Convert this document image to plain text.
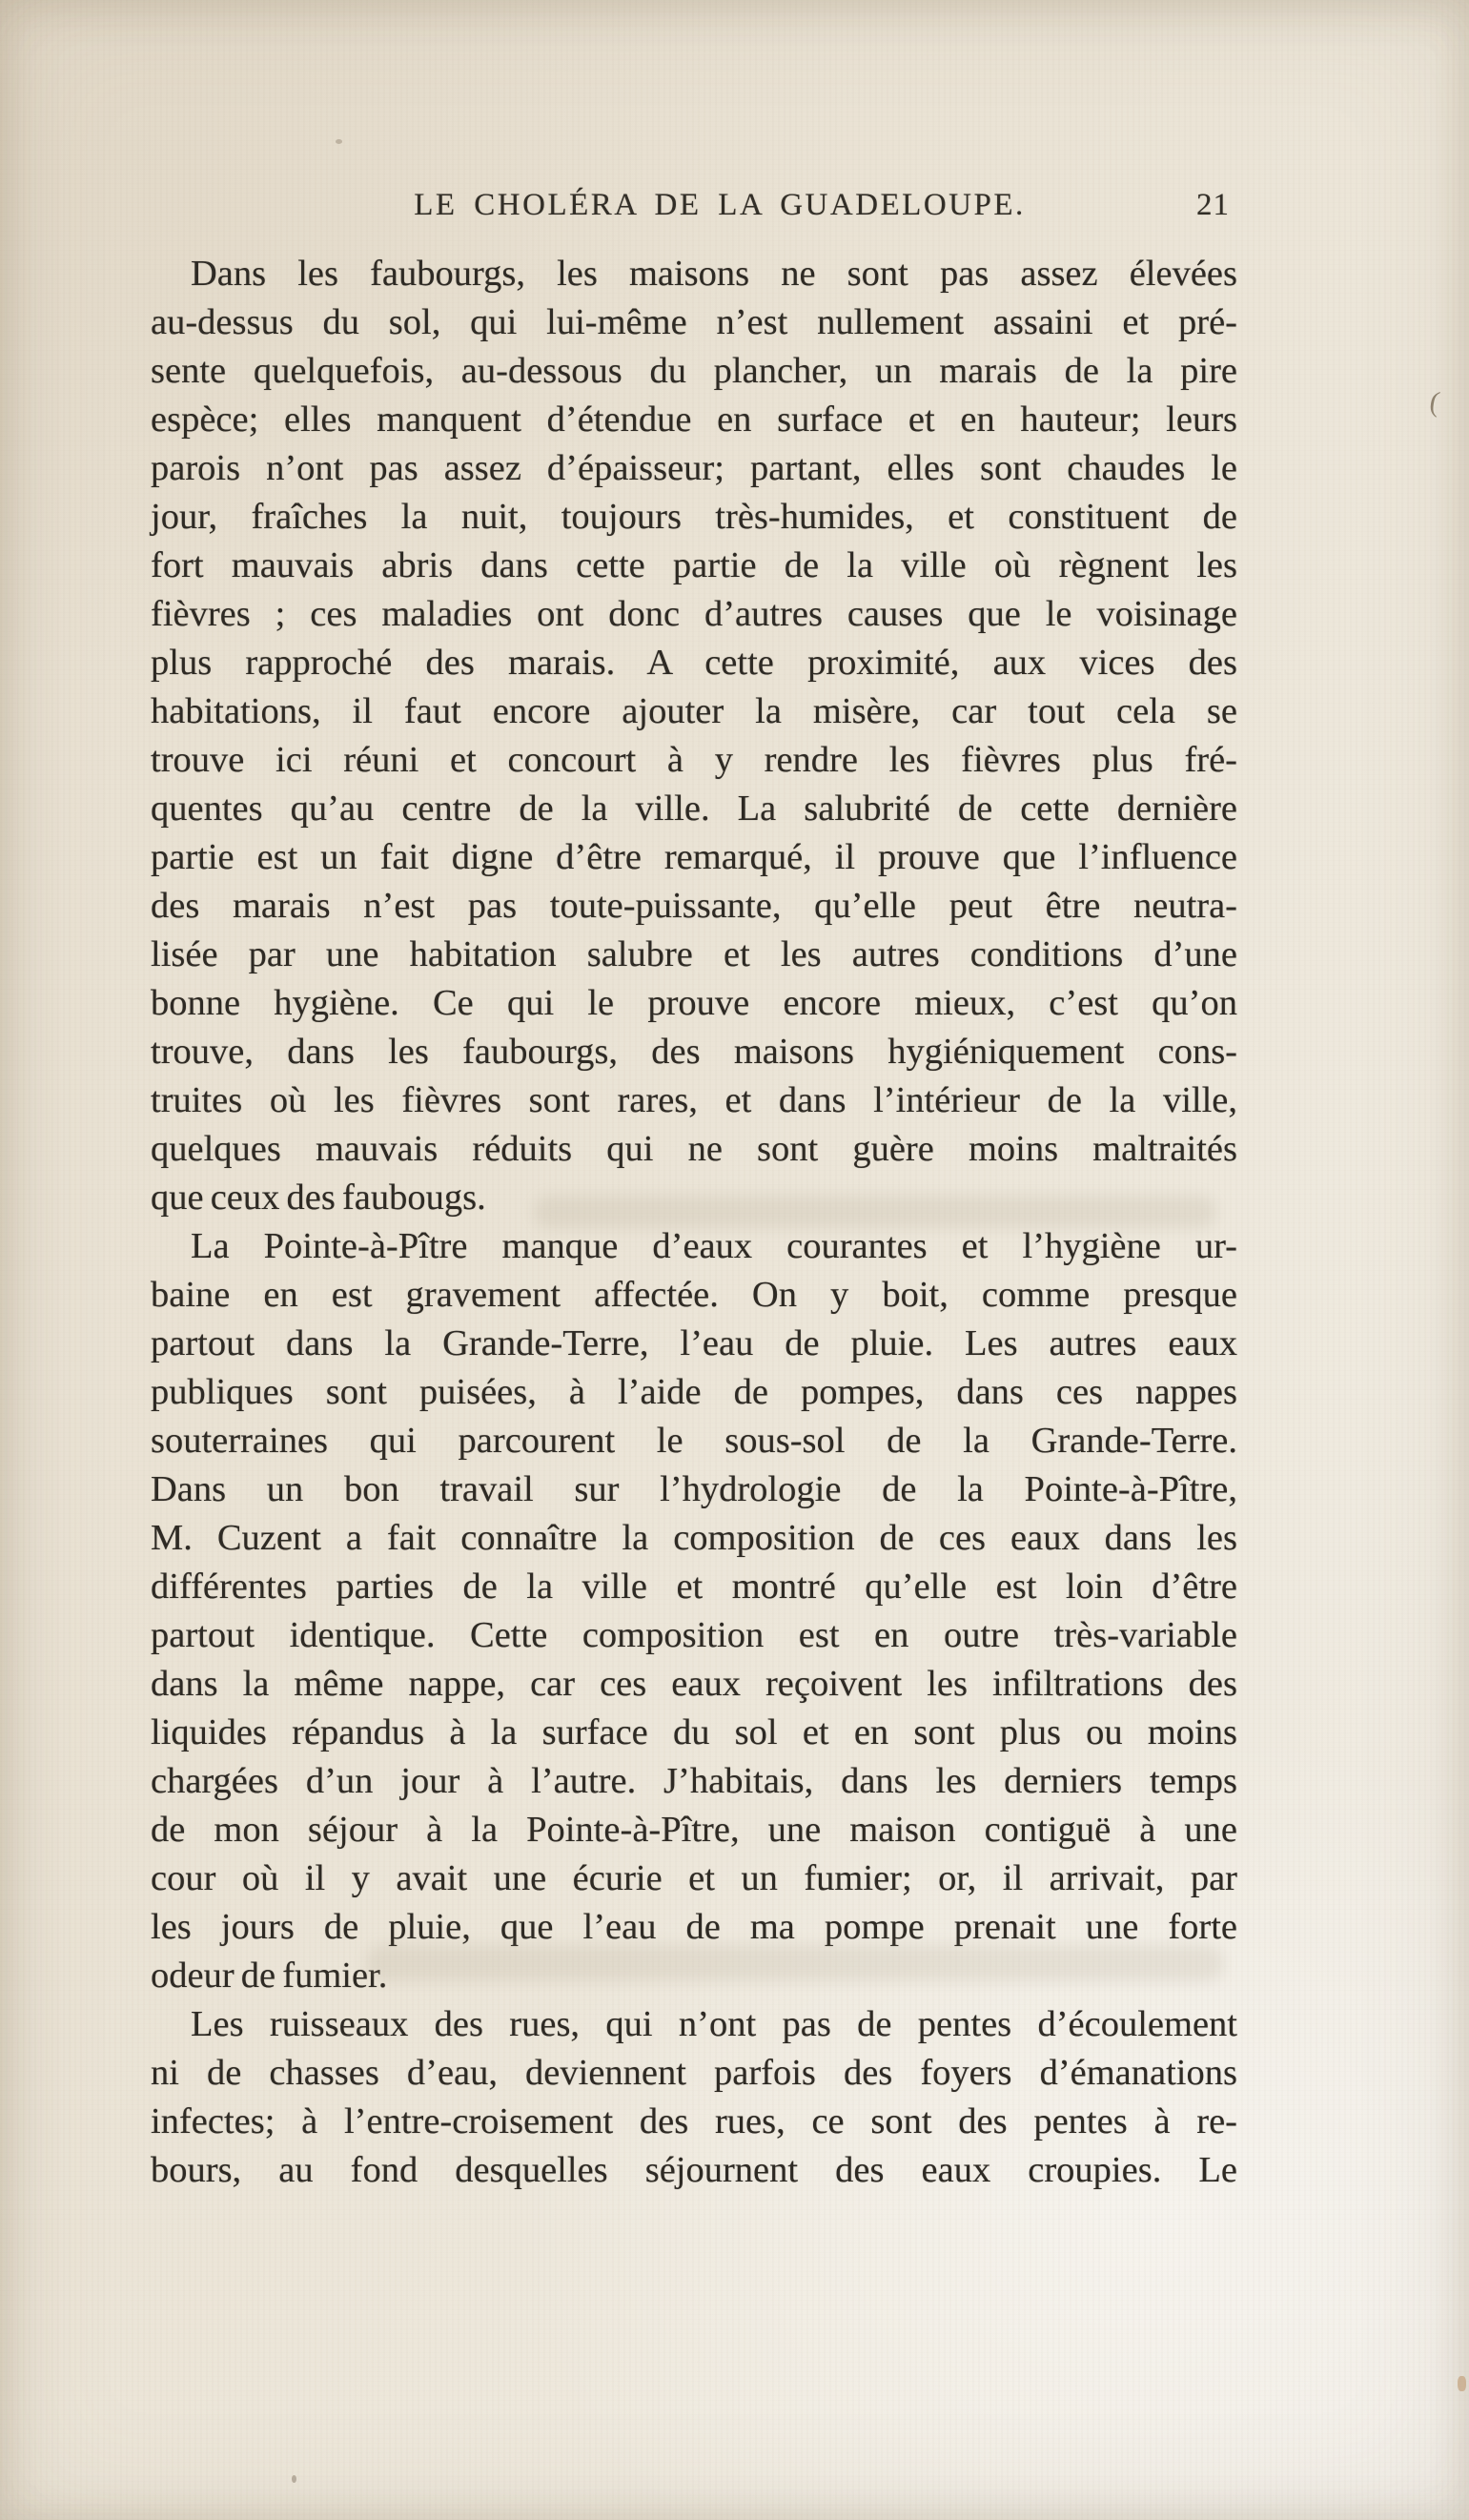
LE CHOLÉRA DE LA GUADELOUPE.	21
Dans les faubourgs, les maisons ne sont pas assez élevées
au-dessus du sol, qui lui-même n’est nullement assaini et pré-
sente quelquefois, au-dessous du plancher, un marais de la pire
espèce; elles manquent d’étendue en surface et en hauteur; leurs
parois n’ont pas assez d’épaisseur; partant, elles sont chaudes le
jour, fraîches la nuit, toujours très-humides, et constituent de
fort mauvais abris dans cette partie de la ville où règnent les
fièvres ; ces maladies ont donc d’autres causes que le voisinage
plus rapproché des marais. A cette proximité, aux vices des
habitations, il faut encore ajouter la misère, car tout cela se
trouve ici réuni et concourt à y rendre les fièvres plus fré-
quentes qu’au centre de la ville. La salubrité de cette dernière
partie est un fait digne d’être remarqué, il prouve que l’influence
des marais n’est pas toute-puissante, qu’elle peut être neutra-
lisée par une habitation salubre et les autres conditions d’une
bonne hygiène. Ce qui le prouve encore mieux, c’est qu’on
trouve, dans les faubourgs, des maisons hygiéniquement cons-
truites où les fièvres sont rares, et dans l’intérieur de la ville,
quelques mauvais réduits qui ne sont guère moins maltraités
que ceux des faubougs.
La Pointe-à-Pître manque d’eaux courantes et l’hygiène ur-
baine en est gravement affectée. On y boit, comme presque
partout dans la Grande-Terre, l’eau de pluie. Les autres eaux
publiques sont puisées, à l’aide de pompes, dans ces nappes
souterraines qui parcourent le sous-sol de la Grande-Terre.
Dans un bon travail sur l’hydrologie de la Pointe-à-Pître,
M. Cuzent a fait connaître la composition de ces eaux dans les
différentes parties de la ville et montré qu’elle est loin d’être
partout identique. Cette composition est en outre très-variable
dans la même nappe, car ces eaux reçoivent les infiltrations des
liquides répandus à la surface du sol et en sont plus ou moins
chargées d’un jour à l’autre. J’habitais, dans les derniers temps
de mon séjour à la Pointe-à-Pître, une maison contiguë à une
cour où il y avait une écurie et un fumier; or, il arrivait, par
les jours de pluie, que l’eau de ma pompe prenait une forte
odeur de fumier.
Les ruisseaux des rues, qui n’ont pas de pentes d’écoulement
ni de chasses d’eau, deviennent parfois des foyers d’émanations
infectes; à l’entre-croisement des rues, ce sont des pentes à re-
bours, au fond desquelles séjournent des eaux croupies. Le
(
